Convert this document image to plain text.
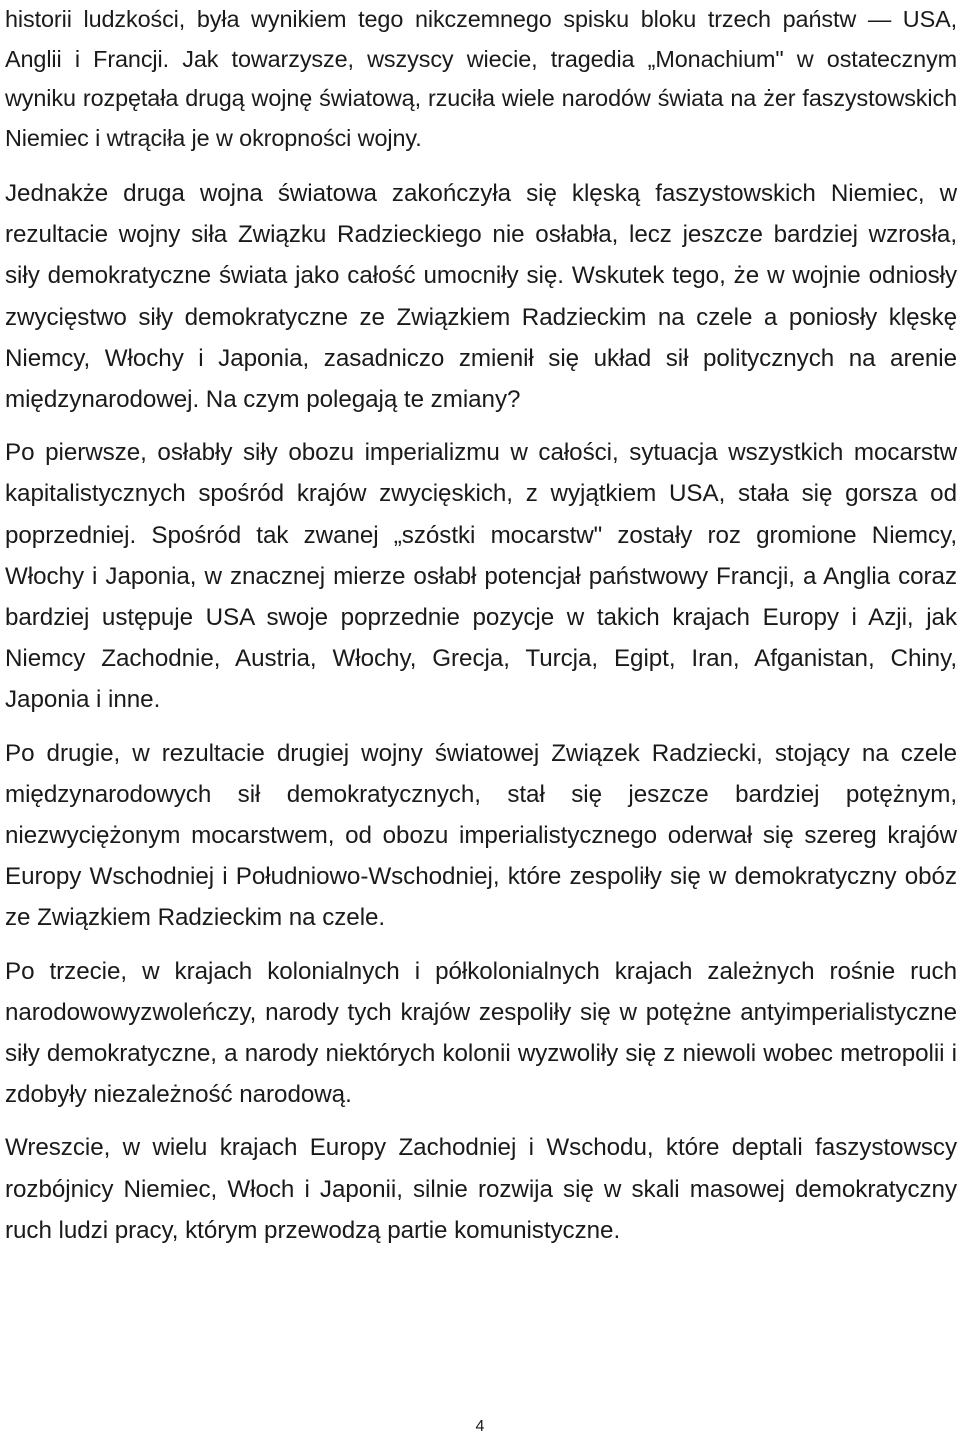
historii ludzkości, była wynikiem tego nikczemnego spisku bloku trzech państw — USA, Anglii i Francji. Jak towarzysze, wszyscy wiecie, tragedia „Monachium" w ostatecznym wyniku rozpętała drugą wojnę światową, rzuciła wiele narodów świata na żer faszystowskich Niemiec i wtrąciła je w okropności wojny.

Jednakże druga wojna światowa zakończyła się klęską faszystowskich Niemiec, w rezultacie wojny siła Związku Radzieckiego nie osłabła, lecz jeszcze bardziej wzrosła, siły demokratyczne świata jako całość umocniły się. Wskutek tego, że w wojnie odniosły zwycięstwo siły demokratyczne ze Związkiem Radzieckim na czele a poniosły klęskę Niemcy, Włochy i Japonia, zasadniczo zmienił się układ sił politycznych na arenie międzynarodowej. Na czym polegają te zmiany?

Po pierwsze, osłabły siły obozu imperializmu w całości, sytuacja wszystkich mocarstw kapitalistycznych spośród krajów zwycięskich, z wyjątkiem USA, stała się gorsza od poprzedniej. Spośród tak zwanej „szóstki mocarstw" zostały roz gromione Niemcy, Włochy i Japonia, w znacznej mierze osłabł potencjał państwowy Francji, a Anglia coraz bardziej ustępuje USA swoje poprzednie pozycje w takich krajach Europy i Azji, jak Niemcy Zachodnie, Austria, Włochy, Grecja, Turcja, Egipt, Iran, Afganistan, Chiny, Japonia i inne.

Po drugie, w rezultacie drugiej wojny światowej Związek Radziecki, stojący na czele międzynarodowych sił demokratycznych, stał się jeszcze bardziej potężnym, niezwyciężonym mocarstwem, od obozu imperialistycznego oderwał się szereg krajów Europy Wschodniej i Południowo-Wschodniej, które zespoliły się w demokratyczny obóz ze Związkiem Radzieckim na czele.

Po trzecie, w krajach kolonialnych i półkolonialnych krajach zależnych rośnie ruch narodowowyzwoleńczy, narody tych krajów zespoliły się w potężne antyimperialistyczne siły demokratyczne, a narody niektórych kolonii wyzwoliły się z niewoli wobec metropolii i zdobyły niezależność narodową.

Wreszcie, w wielu krajach Europy Zachodniej i Wschodu, które deptali faszystowscy rozbójnicy Niemiec, Włoch i Japonii, silnie rozwija się w skali masowej demokratyczny ruch ludzi pracy, którym przewodzą partie komunistyczne.

4
